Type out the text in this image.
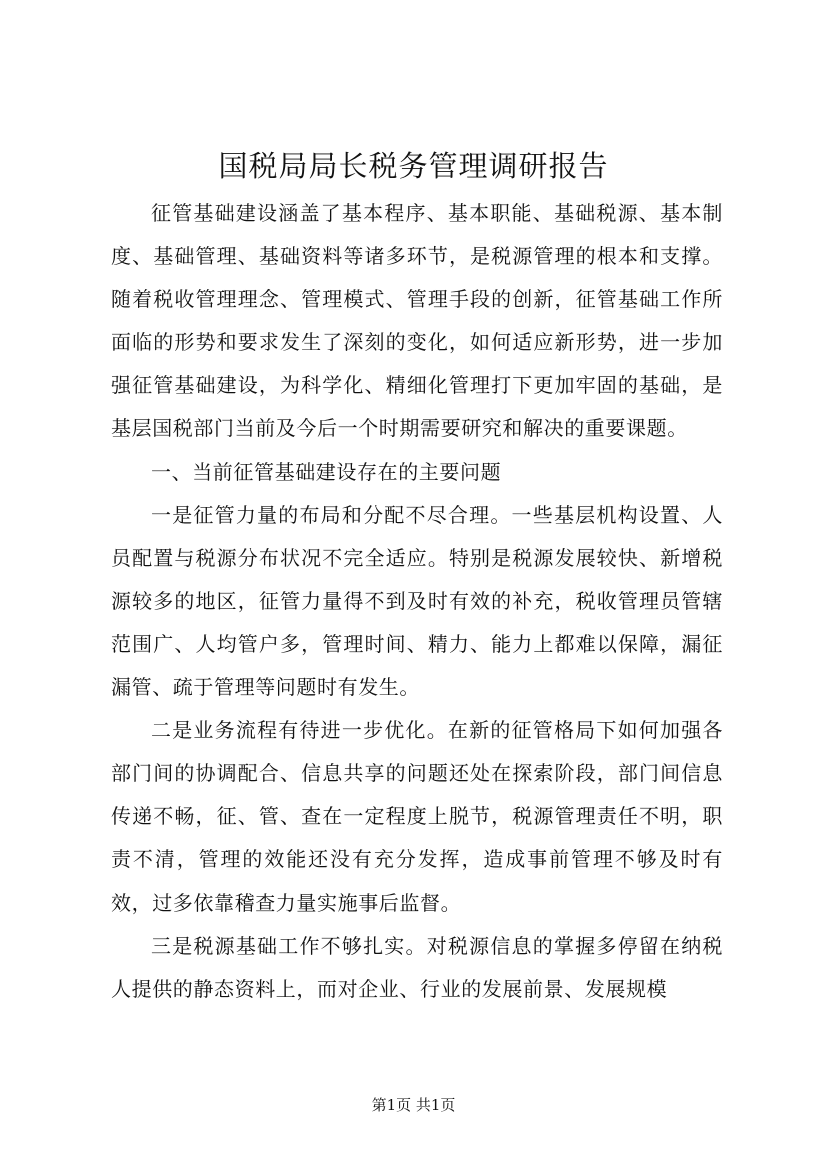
国税局局长税务管理调研报告

征管基础建设涵盖了基本程序、基本职能、基础税源、基本制度、基础管理、基础资料等诸多环节，是税源管理的根本和支撑。随着税收管理理念、管理模式、管理手段的创新，征管基础工作所面临的形势和要求发生了深刻的变化，如何适应新形势，进一步加强征管基础建设，为科学化、精细化管理打下更加牢固的基础，是基层国税部门当前及今后一个时期需要研究和解决的重要课题。

一、当前征管基础建设存在的主要问题

一是征管力量的布局和分配不尽合理。一些基层机构设置、人员配置与税源分布状况不完全适应。特别是税源发展较快、新增税源较多的地区，征管力量得不到及时有效的补充，税收管理员管辖范围广、人均管户多，管理时间、精力、能力上都难以保障，漏征漏管、疏于管理等问题时有发生。

二是业务流程有待进一步优化。在新的征管格局下如何加强各部门间的协调配合、信息共享的问题还处在探索阶段，部门间信息传递不畅，征、管、查在一定程度上脱节，税源管理责任不明，职责不清，管理的效能还没有充分发挥，造成事前管理不够及时有效，过多依靠稽查力量实施事后监督。

三是税源基础工作不够扎实。对税源信息的掌握多停留在纳税人提供的静态资料上，而对企业、行业的发展前景、发展规模

第1页 共1页
